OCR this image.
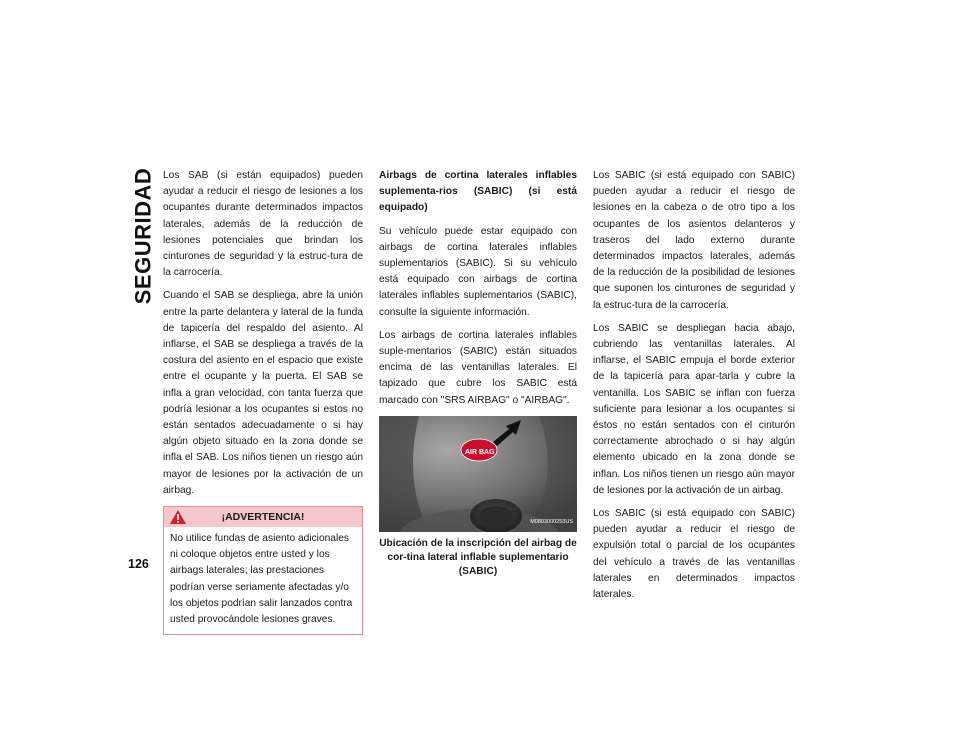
SEGURIDAD Los SAB (si están equipados) pueden ayudar a reducir el riesgo de lesiones a los ocupantes durante determinados impactos laterales, además de la reducción de lesiones potenciales que brindan los cinturones de seguridad y la estruc-tura de la carrocería.

Cuando el SAB se despliega, abre la unión entre la parte delantera y lateral de la funda de tapicería del respaldo del asiento. Al inflarse, el SAB se despliega a través de la costura del asiento en el espacio que existe entre el ocupante y la puerta. El SAB se infla a gran velocidad, con tanta fuerza que podría lesionar a los ocupantes si estos no están sentados adecuadamente o si hay algún objeto situado en la zona donde se infla el SAB. Los niños tienen un riesgo aún mayor de lesiones por la activación de un airbag.

¡ADVERTENCIA!
No utilice fundas de asiento adicionales ni coloque objetos entre usted y los airbags laterales; las prestaciones podrían verse seriamente afectadas y/o los objetos podrían salir lanzados contra usted provocándole lesiones graves.

Airbags de cortina laterales inflables suplementa-rios (SABIC) (si está equipado)

Su vehículo puede estar equipado con airbags de cortina laterales inflables suplementarios (SABIC). Si su vehículo está equipado con airbags de cortina laterales inflables suplementarios (SABIC), consulte la siguiente información.

Los airbags de cortina laterales inflables suple-mentarios (SABIC) están situados encima de las ventanillas laterales. El tapizado que cubre los SABIC está marcado con "SRS AIRBAG" o "AIRBAG".

AIR BAG
M0803000253US
Ubicación de la inscripción del airbag de cor-tina lateral inflable suplementario (SABIC)

Los SABIC (si está equipado con SABIC) pueden ayudar a reducir el riesgo de lesiones en la cabeza o de otro tipo a los ocupantes de los asientos delanteros y traseros del lado externo durante determinados impactos laterales, además de la reducción de la posibilidad de lesiones que suponen los cinturones de seguridad y la estruc-tura de la carrocería.

Los SABIC se despliegan hacia abajo, cubriendo las ventanillas laterales. Al inflarse, el SABIC empuja el borde exterior de la tapicería para apar-tarla y cubre la ventanilla. Los SABIC se inflan con fuerza suficiente para lesionar a los ocupantes si éstos no están sentados con el cinturón correctamente abrochado o si hay algún elemento ubicado en la zona donde se inflan. Los niños tienen un riesgo aún mayor de lesiones por la activación de un airbag.

Los SABIC (si está equipado con SABIC) pueden ayudar a reducir el riesgo de expulsión total o parcial de los ocupantes del vehículo a través de las ventanillas laterales en determinados impactos laterales.

126
